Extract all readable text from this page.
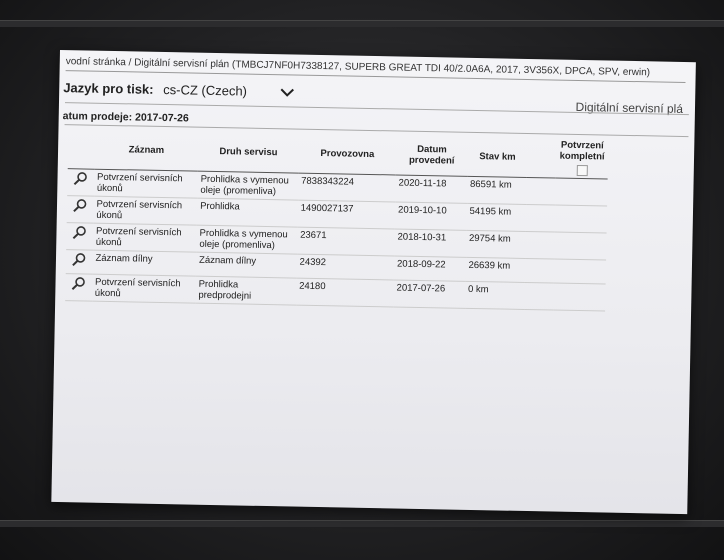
vodní stránka / Digitální servisní plán (TMBCJ7NF0H7338127, SUPERB GREAT TDI 40/2.0A6A, 2017, 3V356X, DPCA, SPV, erwin)
Jazyk pro tisk: cs-CZ (Czech)
Digitální servisní plá
atum prodeje: 2017-07-26
	Záznam	Druh servisu	Provozovna	Datum provedení	Stav km		Potvrzení kompletní

	Potvrzení servisních úkonů	Prohlidka s vymenou oleje (promenliva)	7838343224	2020-11-18	86591 km		
	Potvrzení servisních úkonů	Prohlidka	1490027137	2019-10-10	54195 km		
	Potvrzení servisních úkonů	Prohlidka s vymenou oleje (promenliva)	23671	2018-10-31	29754 km		
	Záznam dílny	Záznam dílny	24392	2018-09-22	26639 km		
	Potvrzení servisních úkonů	Prohlidka predprodejni	24180	2017-07-26	0 km		
